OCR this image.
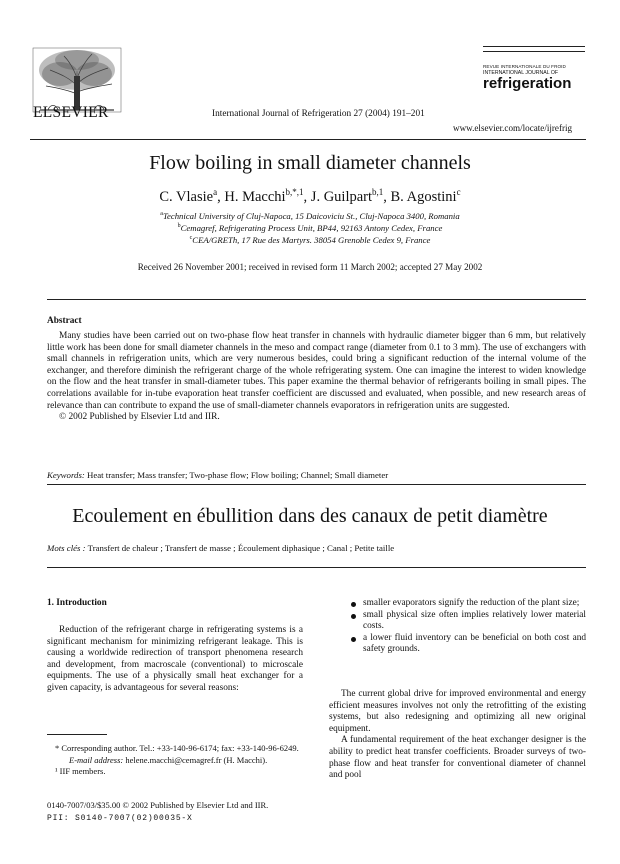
ELSEVIER	International Journal of Refrigeration 27 (2004) 191–201
REVUE INTERNATIONALE DU FROID
INTERNATIONAL JOURNAL OF
refrigeration
www.elsevier.com/locate/ijrefrig
Flow boiling in small diameter channels
C. Vlasie$^a$, H. Macchi$^{b,*,1}$, J. Guilpart$^{b,1}$, B. Agostini$^c$
$^a$Technical University of Cluj-Napoca, 15 Daicoviciu St., Cluj-Napoca 3400, Romania
$^b$Cemagref, Refrigerating Process Unit, BP44, 92163 Antony Cedex, France
$^c$CEA/GRETh, 17 Rue des Martyrs. 38054 Grenoble Cedex 9, France
Received 26 November 2001; received in revised form 11 March 2002; accepted 27 May 2002
Abstract

Many studies have been carried out on two-phase flow heat transfer in channels with hydraulic diameter bigger than 6 mm, but relatively little work has been done for small diameter channels in the meso and compact range (diameter from 0.1 to 3 mm). The use of exchangers with small channels in refrigeration units, which are very numerous besides, could bring a significant reduction of the internal volume of the exchanger, and therefore diminish the refrigerant charge of the whole refrigerating system. One can imagine the interest to widen knowledge on the flow and the heat transfer in small-diameter tubes. This paper examine the thermal behavior of refrigerants boiling in small pipes. The correlations available for in-tube evaporation heat transfer coefficient are discussed and evaluated, when possible, and new research areas of relevance than can contribute to expand the use of small-diameter channels evaporators in refrigeration units are suggested.

© 2002 Published by Elsevier Ltd and IIR.

Keywords: Heat transfer; Mass transfer; Two-phase flow; Flow boiling; Channel; Small diameter
Ecoulement en ébullition dans des canaux de petit diamètre
Mots clés : Transfert de chaleur ; Transfert de masse ; Écoulement diphasique ; Canal ; Petite taille
1. Introduction

Reduction of the refrigerant charge in refrigerating systems is a significant mechanism for minimizing refrigerant leakage. This is causing a worldwide redirection of transport phenomena research and development, from macroscale (conventional) to microscale equipments. The use of a physically small heat exchanger for a given capacity, is advantageous for several reasons:

* Corresponding author. Tel.: +33-140-96-6174; fax: +33-140-96-6249.
E-mail address: helene.macchi@cemagref.fr (H. Macchi).
¹ IIF members.
0140-7007/03/$35.00 © 2002 Published by Elsevier Ltd and IIR.
PII: S0140-7007(02)00035-X
smaller evaporators signify the reduction of the plant size;
small physical size often implies relatively lower material costs.
a lower fluid inventory can be beneficial on both cost and safety grounds.

The current global drive for improved environmental and energy efficient measures involves not only the retrofitting of the existing systems, but also redesigning and optimizing all new original equipment.

A fundamental requirement of the heat exchanger designer is the ability to predict heat transfer coefficients. Broader surveys of two-phase flow and heat transfer for conventional diameter of channel and pool
